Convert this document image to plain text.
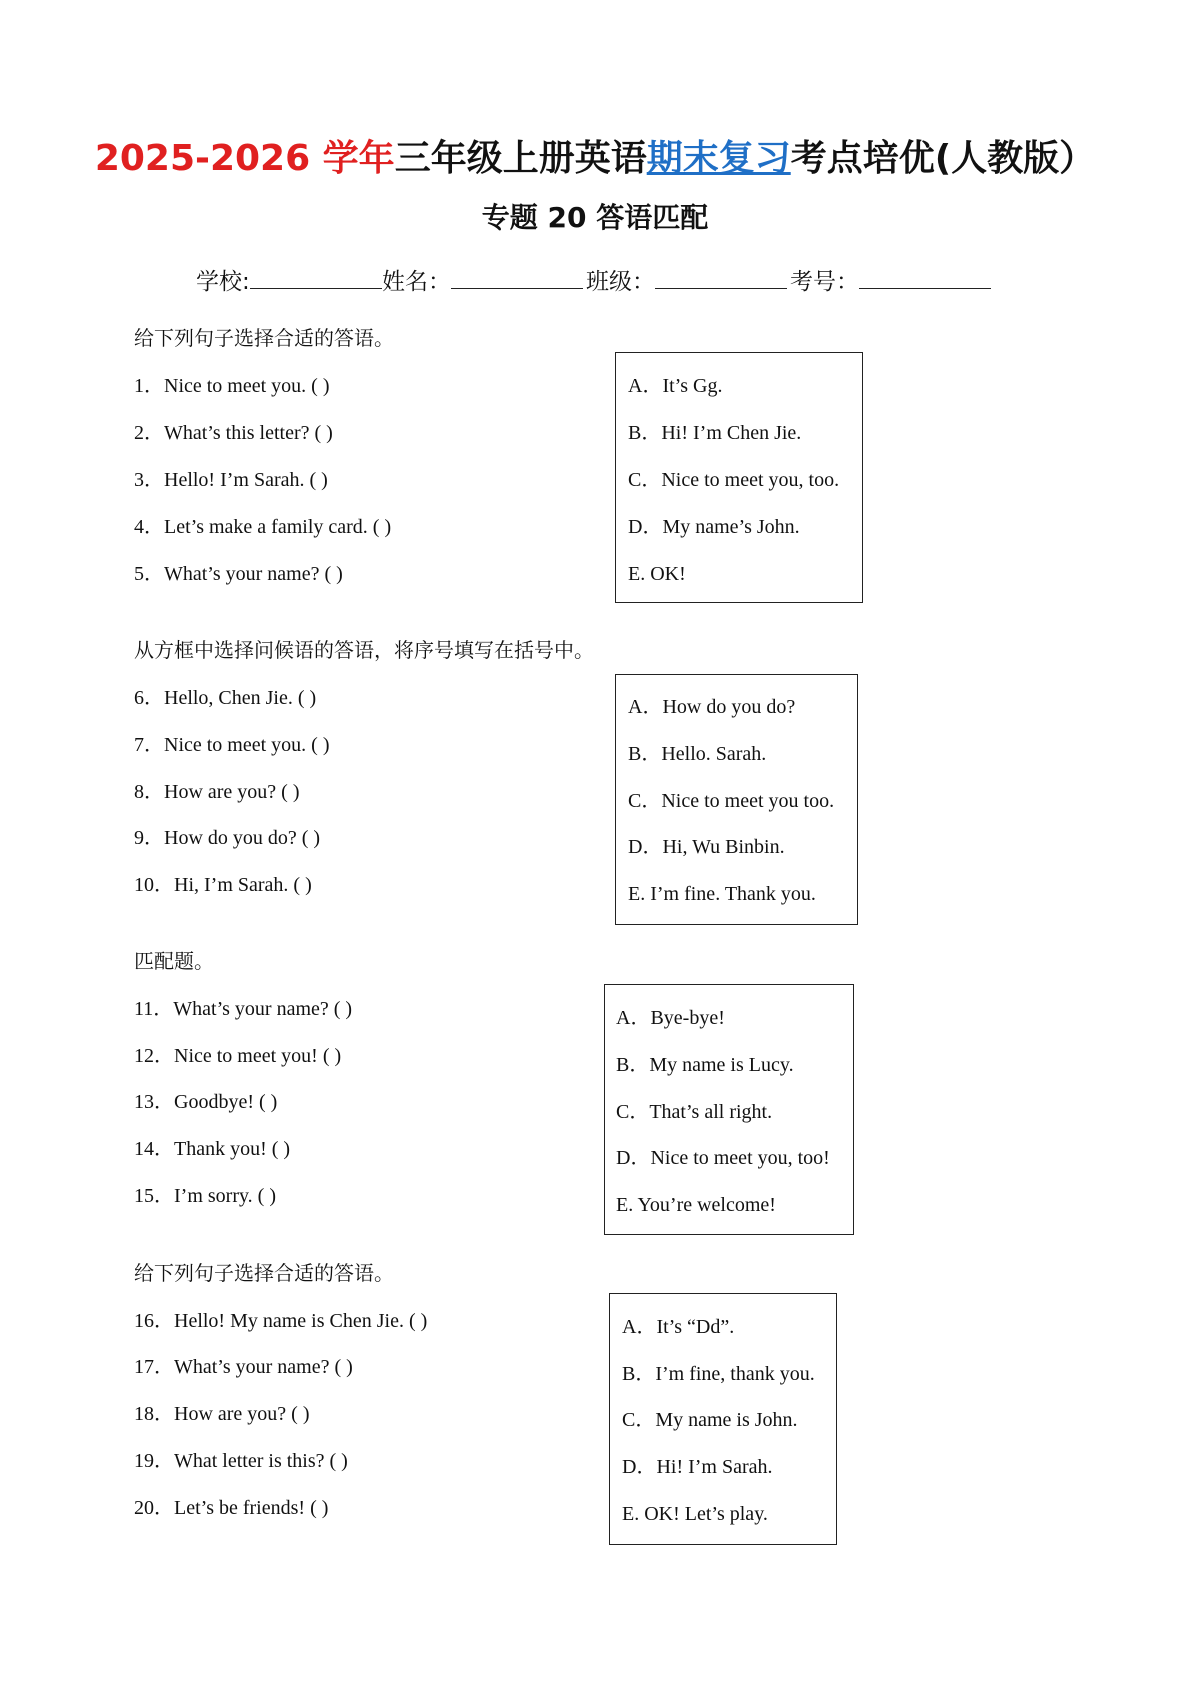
2025-2026 学年三年级上册英语期末复习考点培优(人教版）
专题 20 答语匹配
学校:	姓名：	班级：	考号：
给下列句子选择合适的答语。
1．Nice to meet you. ( )
2．What’s this letter? ( )
3．Hello! I’m Sarah. ( )
4．Let’s make a family card. ( )
5．What’s your name? ( )
A．It’s Gg.
B．Hi! I’m Chen Jie.
C．Nice to meet you, too.
D．My name’s John.
E. OK!
从方框中选择问候语的答语，将序号填写在括号中。
6．Hello, Chen Jie. ( )
7．Nice to meet you. ( )
8．How are you? ( )
9．How do you do? ( )
10．Hi, I’m Sarah. ( )
A．How do you do?
B．Hello. Sarah.
C．Nice to meet you too.
D．Hi, Wu Binbin.
E. I’m fine. Thank you.
匹配题。
11．What’s your name? ( )
12．Nice to meet you! ( )
13．Goodbye! ( )
14．Thank you! ( )
15．I’m sorry. ( )
A．Bye-bye!
B．My name is Lucy.
C．That’s all right.
D．Nice to meet you, too!
E. You’re welcome!
给下列句子选择合适的答语。
16．Hello! My name is Chen Jie. ( )
17．What’s your name? ( )
18．How are you? ( )
19．What letter is this? ( )
20．Let’s be friends! ( )
A．It’s “Dd”.
B．I’m fine, thank you.
C．My name is John.
D．Hi! I’m Sarah.
E. OK! Let’s play.
